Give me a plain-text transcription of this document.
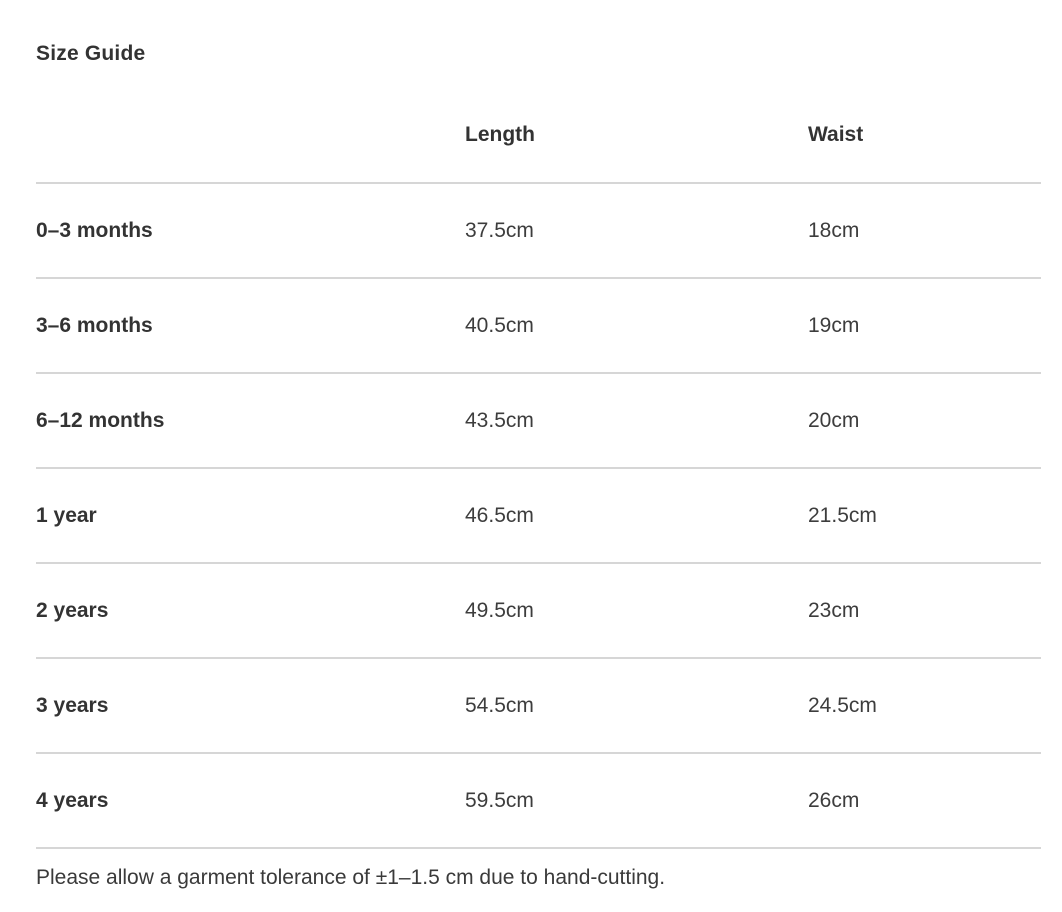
Size Guide
	Length	Waist
0–3 months	37.5cm	18cm
3–6 months	40.5cm	19cm
6–12 months	43.5cm	20cm
1 year	46.5cm	21.5cm
2 years	49.5cm	23cm
3 years	54.5cm	24.5cm
4 years	59.5cm	26cm
Please allow a garment tolerance of ±1–1.5 cm due to hand-cutting.
